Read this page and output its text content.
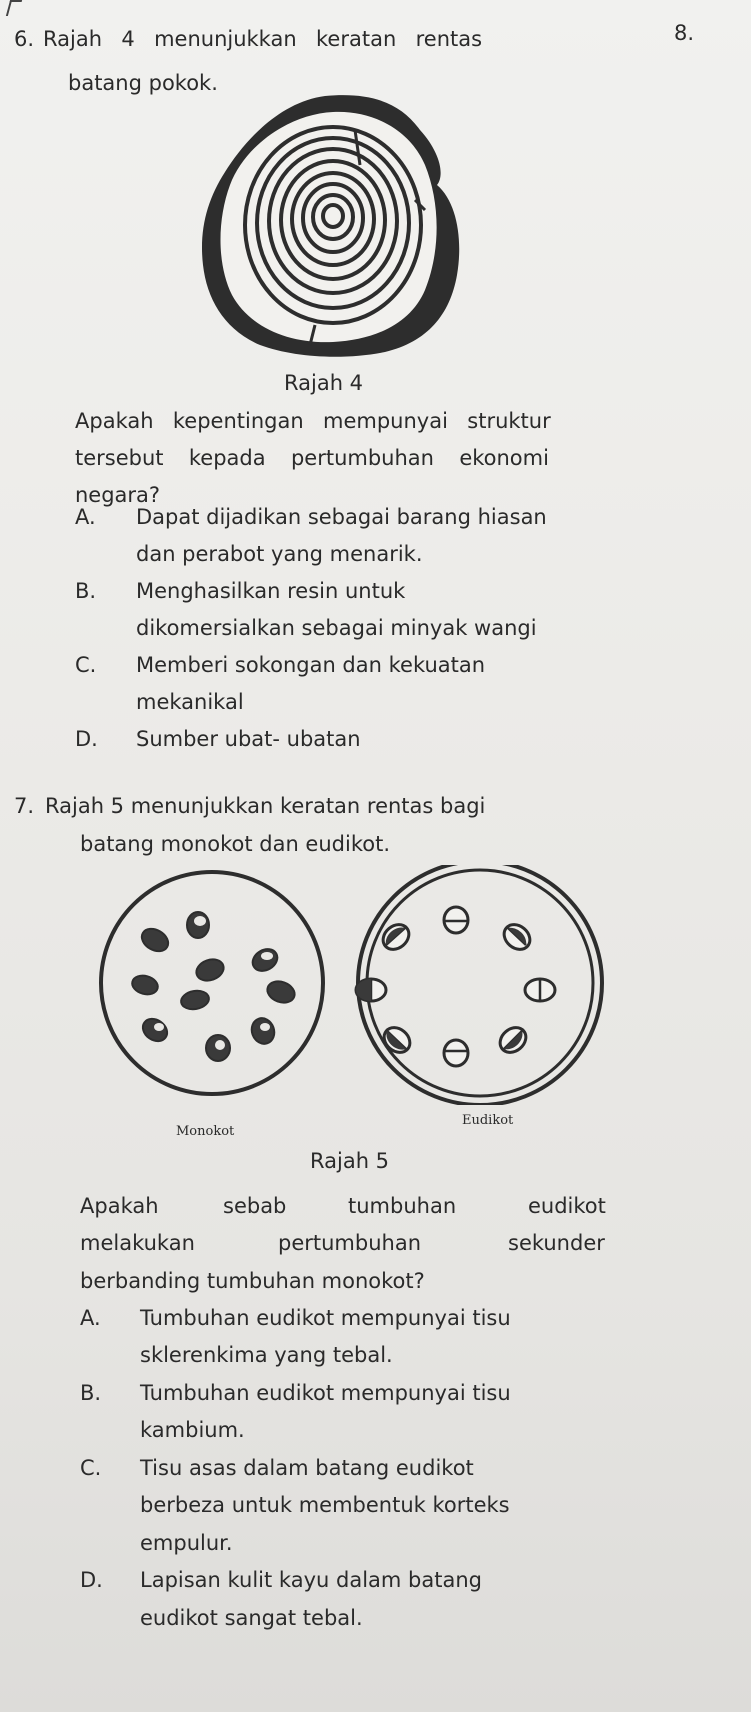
8.
6. Rajah  4  menunjukkan  keratan  rentas
batang pokok.
Rajah 4
Apakah  kepentingan  mempunyai  struktur
tersebut  kepada  pertumbuhan  ekonomi
negara?
A. Dapat dijadikan sebagai barang hiasan
dan perabot yang menarik.
B. Menghasilkan resin untuk
dikomersialkan sebagai minyak wangi
C. Memberi sokongan dan kekuatan
mekanikal
D. Sumber ubat- ubatan
7. Rajah 5 menunjukkan keratan rentas bagi
batang monokot dan eudikot.
Monokot
Eudikot
Rajah 5
Apakah	sebab	tumbuhan	eudikot
melakukan	pertumbuhan	sekunder
berbanding tumbuhan monokot?
A. Tumbuhan eudikot mempunyai tisu
sklerenkima yang tebal.
B. Tumbuhan eudikot mempunyai tisu
kambium.
C. Tisu asas dalam batang eudikot
berbeza untuk membentuk korteks
empulur.
D. Lapisan kulit kayu dalam batang
eudikot sangat tebal.
